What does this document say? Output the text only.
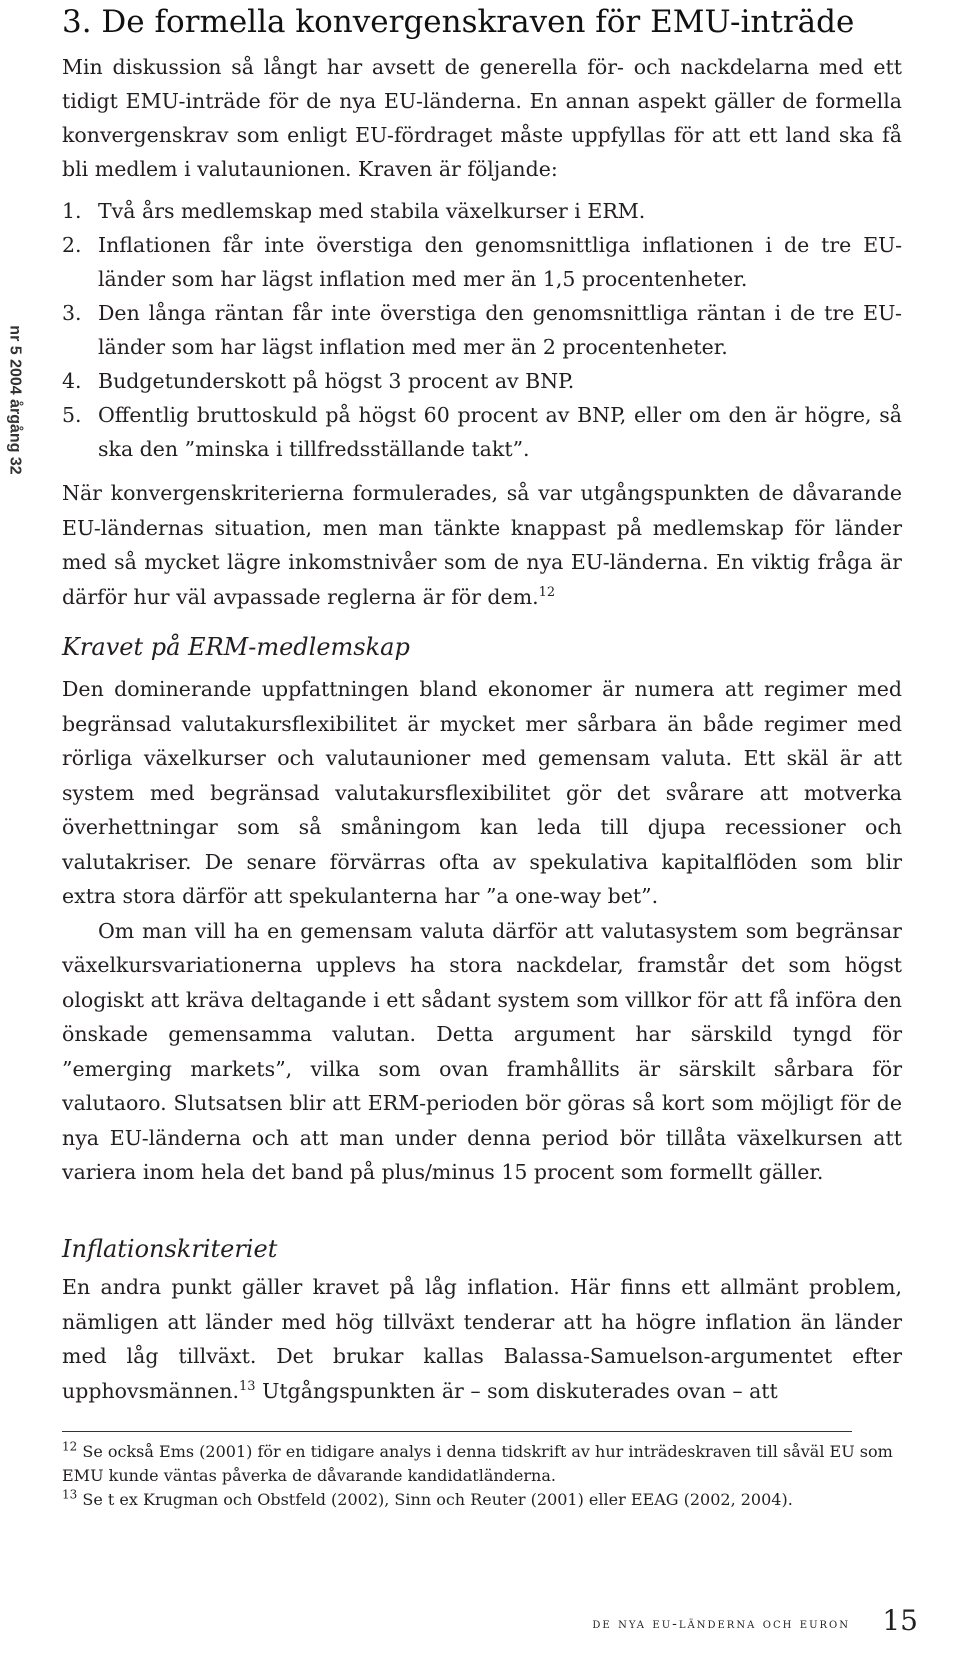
nr 5 2004 årgång 32
3. De formella konvergenskraven för EMU-inträde

Min diskussion så långt har avsett de generella för- och nackdelarna med ett tidigt EMU-inträde för de nya EU-länderna. En annan aspekt gäller de formella konvergenskrav som enligt EU-fördraget måste uppfyllas för att ett land ska få bli medlem i valutaunionen. Kraven är följande:

1. Två års medlemskap med stabila växelkurser i ERM.
2. Inflationen får inte överstiga den genomsnittliga inflationen i de tre EU-länder som har lägst inflation med mer än 1,5 procentenheter.
3. Den långa räntan får inte överstiga den genomsnittliga räntan i de tre EU-länder som har lägst inflation med mer än 2 procentenheter.
4. Budgetunderskott på högst 3 procent av BNP.
5. Offentlig bruttoskuld på högst 60 procent av BNP, eller om den är högre, så ska den ”minska i tillfredsställande takt”.

När konvergenskriterierna formulerades, så var utgångspunkten de dåvarande EU-ländernas situation, men man tänkte knappast på medlemskap för länder med så mycket lägre inkomstnivåer som de nya EU-länderna. En viktig fråga är därför hur väl avpassade reglerna är för dem.$^{12}$

Kravet på ERM-medlemskap

Den dominerande uppfattningen bland ekonomer är numera att regimer med begränsad valutakursflexibilitet är mycket mer sårbara än både regimer med rörliga växelkurser och valutaunioner med gemensam valuta. Ett skäl är att system med begränsad valutakursflexibilitet gör det svårare att motverka överhettningar som så småningom kan leda till djupa recessioner och valutakriser. De senare förvärras ofta av spekulativa kapitalflöden som blir extra stora därför att spekulanterna har ”a one-way bet”.

Om man vill ha en gemensam valuta därför att valutasystem som begränsar växelkursvariationerna upplevs ha stora nackdelar, framstår det som högst ologiskt att kräva deltagande i ett sådant system som villkor för att få införa den önskade gemensamma valutan. Detta argument har särskild tyngd för ”emerging markets”, vilka som ovan framhållits är särskilt sårbara för valutaoro. Slutsatsen blir att ERM-perioden bör göras så kort som möjligt för de nya EU-länderna och att man under denna period bör tillåta växelkursen att variera inom hela det band på plus/minus 15 procent som formellt gäller.

Inflationskriteriet

En andra punkt gäller kravet på låg inflation. Här finns ett allmänt problem, nämligen att länder med hög tillväxt tenderar att ha högre inflation än länder med låg tillväxt. Det brukar kallas Balassa-Samuelson-argumentet efter upphovsmännen.$^{13}$ Utgångspunkten är – som diskuterades ovan – att

$^{12}$ Se också Ems (2001) för en tidigare analys i denna tidskrift av hur inträdeskraven till såväl EU som EMU kunde väntas påverka de dåvarande kandidatländerna.

$^{13}$ Se t ex Krugman och Obstfeld (2002), Sinn och Reuter (2001) eller EEAG (2002, 2004).

de nya eu-länderna och euron 15
